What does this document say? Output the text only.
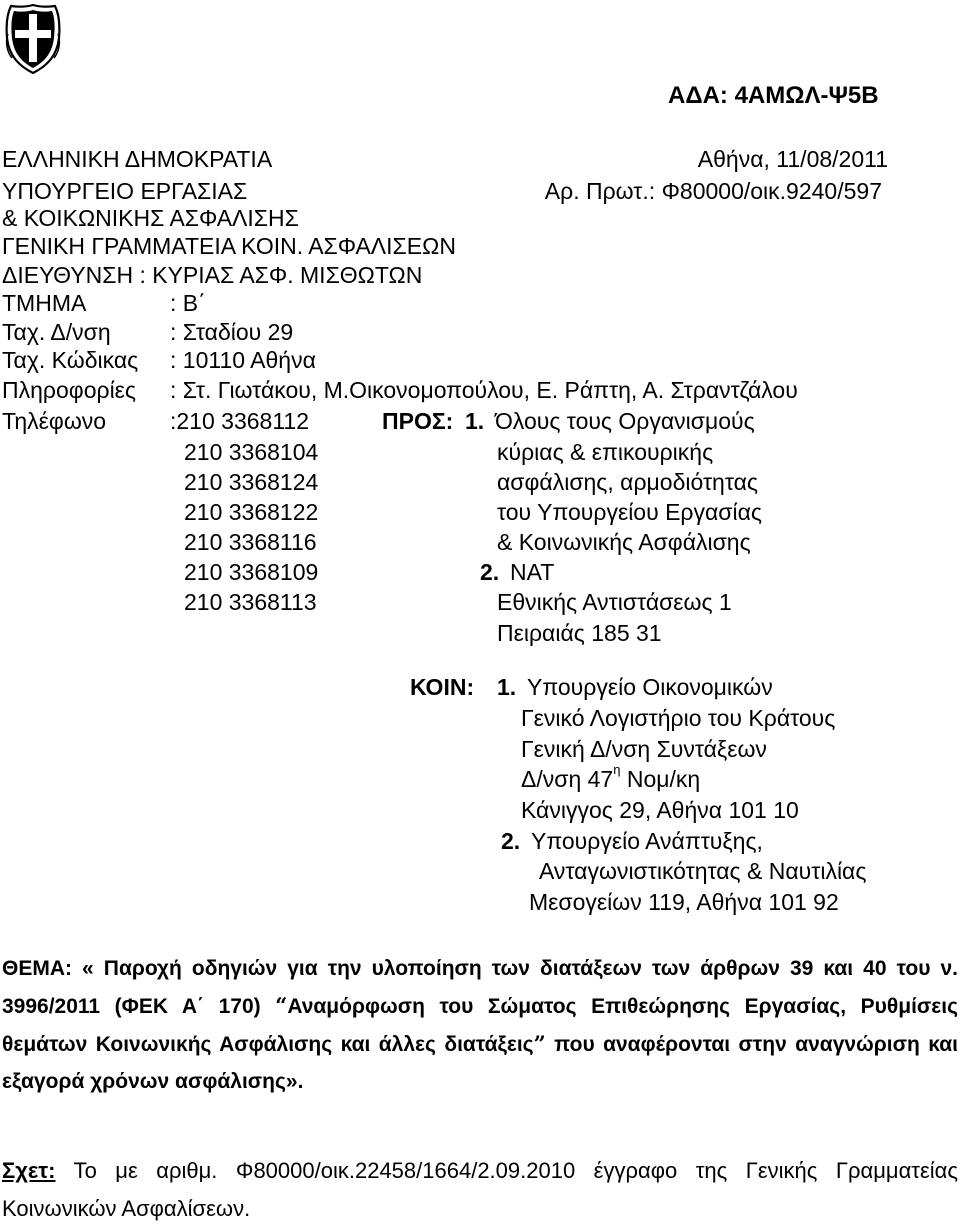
ΑΔΑ: 4ΑΜΩΛ-Ψ5Β
ΕΛΛΗΝΙΚΗ ΔΗΜΟΚΡΑΤΙΑ
ΥΠΟΥΡΓΕΙΟ ΕΡΓΑΣΙΑΣ
& ΚΟΙΚΩΝΙΚΗΣ ΑΣΦΑΛΙΣΗΣ
ΓΕΝΙΚΗ ΓΡΑΜΜΑΤΕΙΑ ΚΟΙΝ. ΑΣΦΑΛΙΣΕΩΝ
ΔΙΕΥΘΥΝΣΗ : ΚΥΡΙΑΣ ΑΣΦ. ΜΙΣΘΩΤΩΝ
ΤΜΗΜΑ	: Β΄
Ταχ. Δ/νση	: Σταδίου 29
Ταχ. Κώδικας : 10110 Αθήνα
Πληροφορίες : Στ. Γιωτάκου, Μ.Οικονομοπούλου, Ε. Ράπτη, Α. Στραντζάλου
Τηλέφωνο	:210 3368112
210 3368104
210 3368124
210 3368122
210 3368116
210 3368109
210 3368113
Αθήνα, 11/08/2011
Αρ. Πρωτ.: Φ80000/οικ.9240/597
ΠΡΟΣ: 1. Όλους τους Οργανισμούς
κύριας & επικουρικής
ασφάλισης, αρμοδιότητας
του Υπουργείου Εργασίας
& Κοινωνικής Ασφάλισης
2. ΝΑΤ
Εθνικής Αντιστάσεως 1
Πειραιάς 185 31
ΚΟΙΝ: 1. Υπουργείο Οικονομικών
Γενικό Λογιστήριο του Κράτους
Γενική Δ/νση Συντάξεων
Δ/νση $47^\eta$ Νομ/κη
Κάνιγγος 29, Αθήνα 101 10
2. Υπουργείο Ανάπτυξης,
Ανταγωνιστικότητας & Ναυτιλίας
Μεσογείων 119, Αθήνα 101 92
ΘΕΜΑ: « Παροχή οδηγιών για την υλοποίηση των διατάξεων των άρθρων 39 και 40 του ν. 3996/2011 (ΦΕΚ Α΄ 170) “Αναμόρφωση του Σώματος Επιθεώρησης Εργασίας, Ρυθμίσεις θεμάτων Κοινωνικής Ασφάλισης και άλλες διατάξεις” που αναφέρονται στην αναγνώριση και εξαγορά χρόνων ασφάλισης».
Σχετ: Το με αριθμ. Φ80000/οικ.22458/1664/2.09.2010 έγγραφο της Γενικής Γραμματείας Κοινωνικών Ασφαλίσεων.
